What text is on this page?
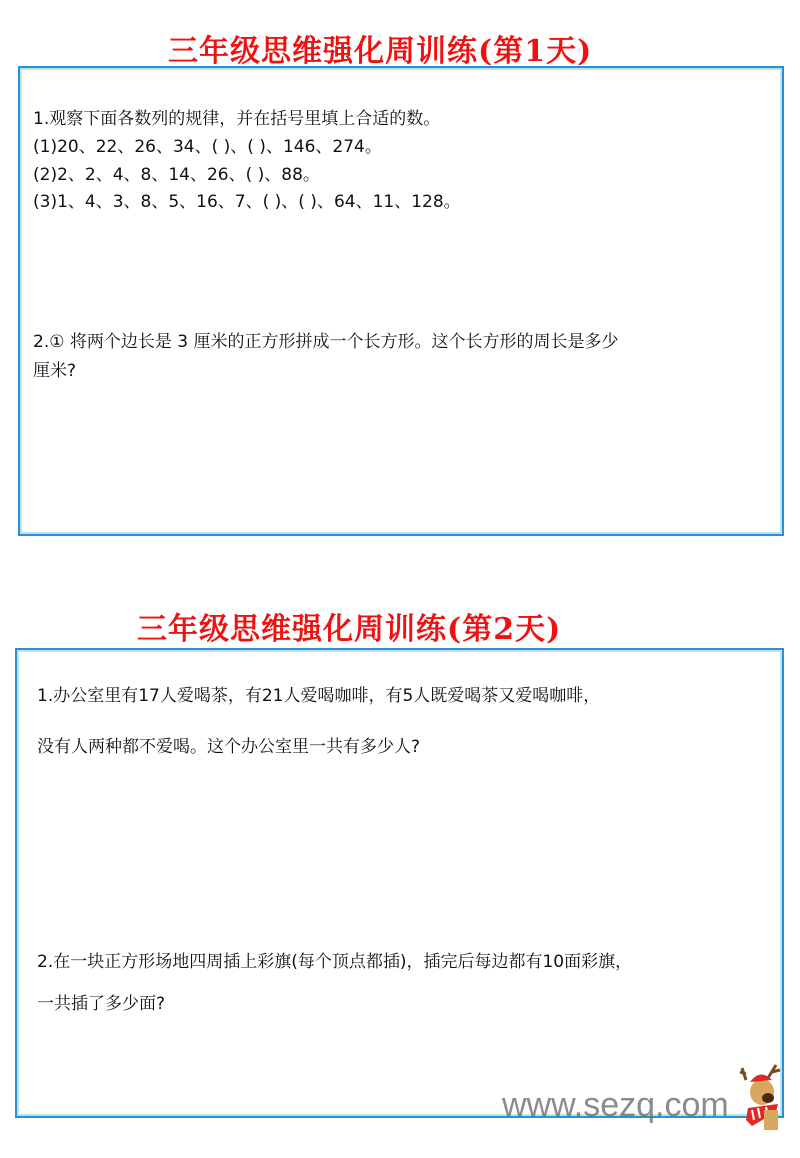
三年级思维强化周训练(第1天)
1.观察下面各数列的规律，并在括号里填上合适的数。
(1)20、22、26、34、( )、( )、146、274。
(2)2、2、4、8、14、26、( )、88。
(3)1、4、3、8、5、16、7、( )、( )、64、11、128。
2.① 将两个边长是 3 厘米的正方形拼成一个长方形。这个长方形的周长是多少
厘米?
三年级思维强化周训练(第2天)
1.办公室里有17人爱喝茶，有21人爱喝咖啡，有5人既爱喝茶又爱喝咖啡，
没有人两种都不爱喝。这个办公室里一共有多少人?
2.在一块正方形场地四周插上彩旗(每个顶点都插)，插完后每边都有10面彩旗，
一共插了多少面?
www.sezq.com
